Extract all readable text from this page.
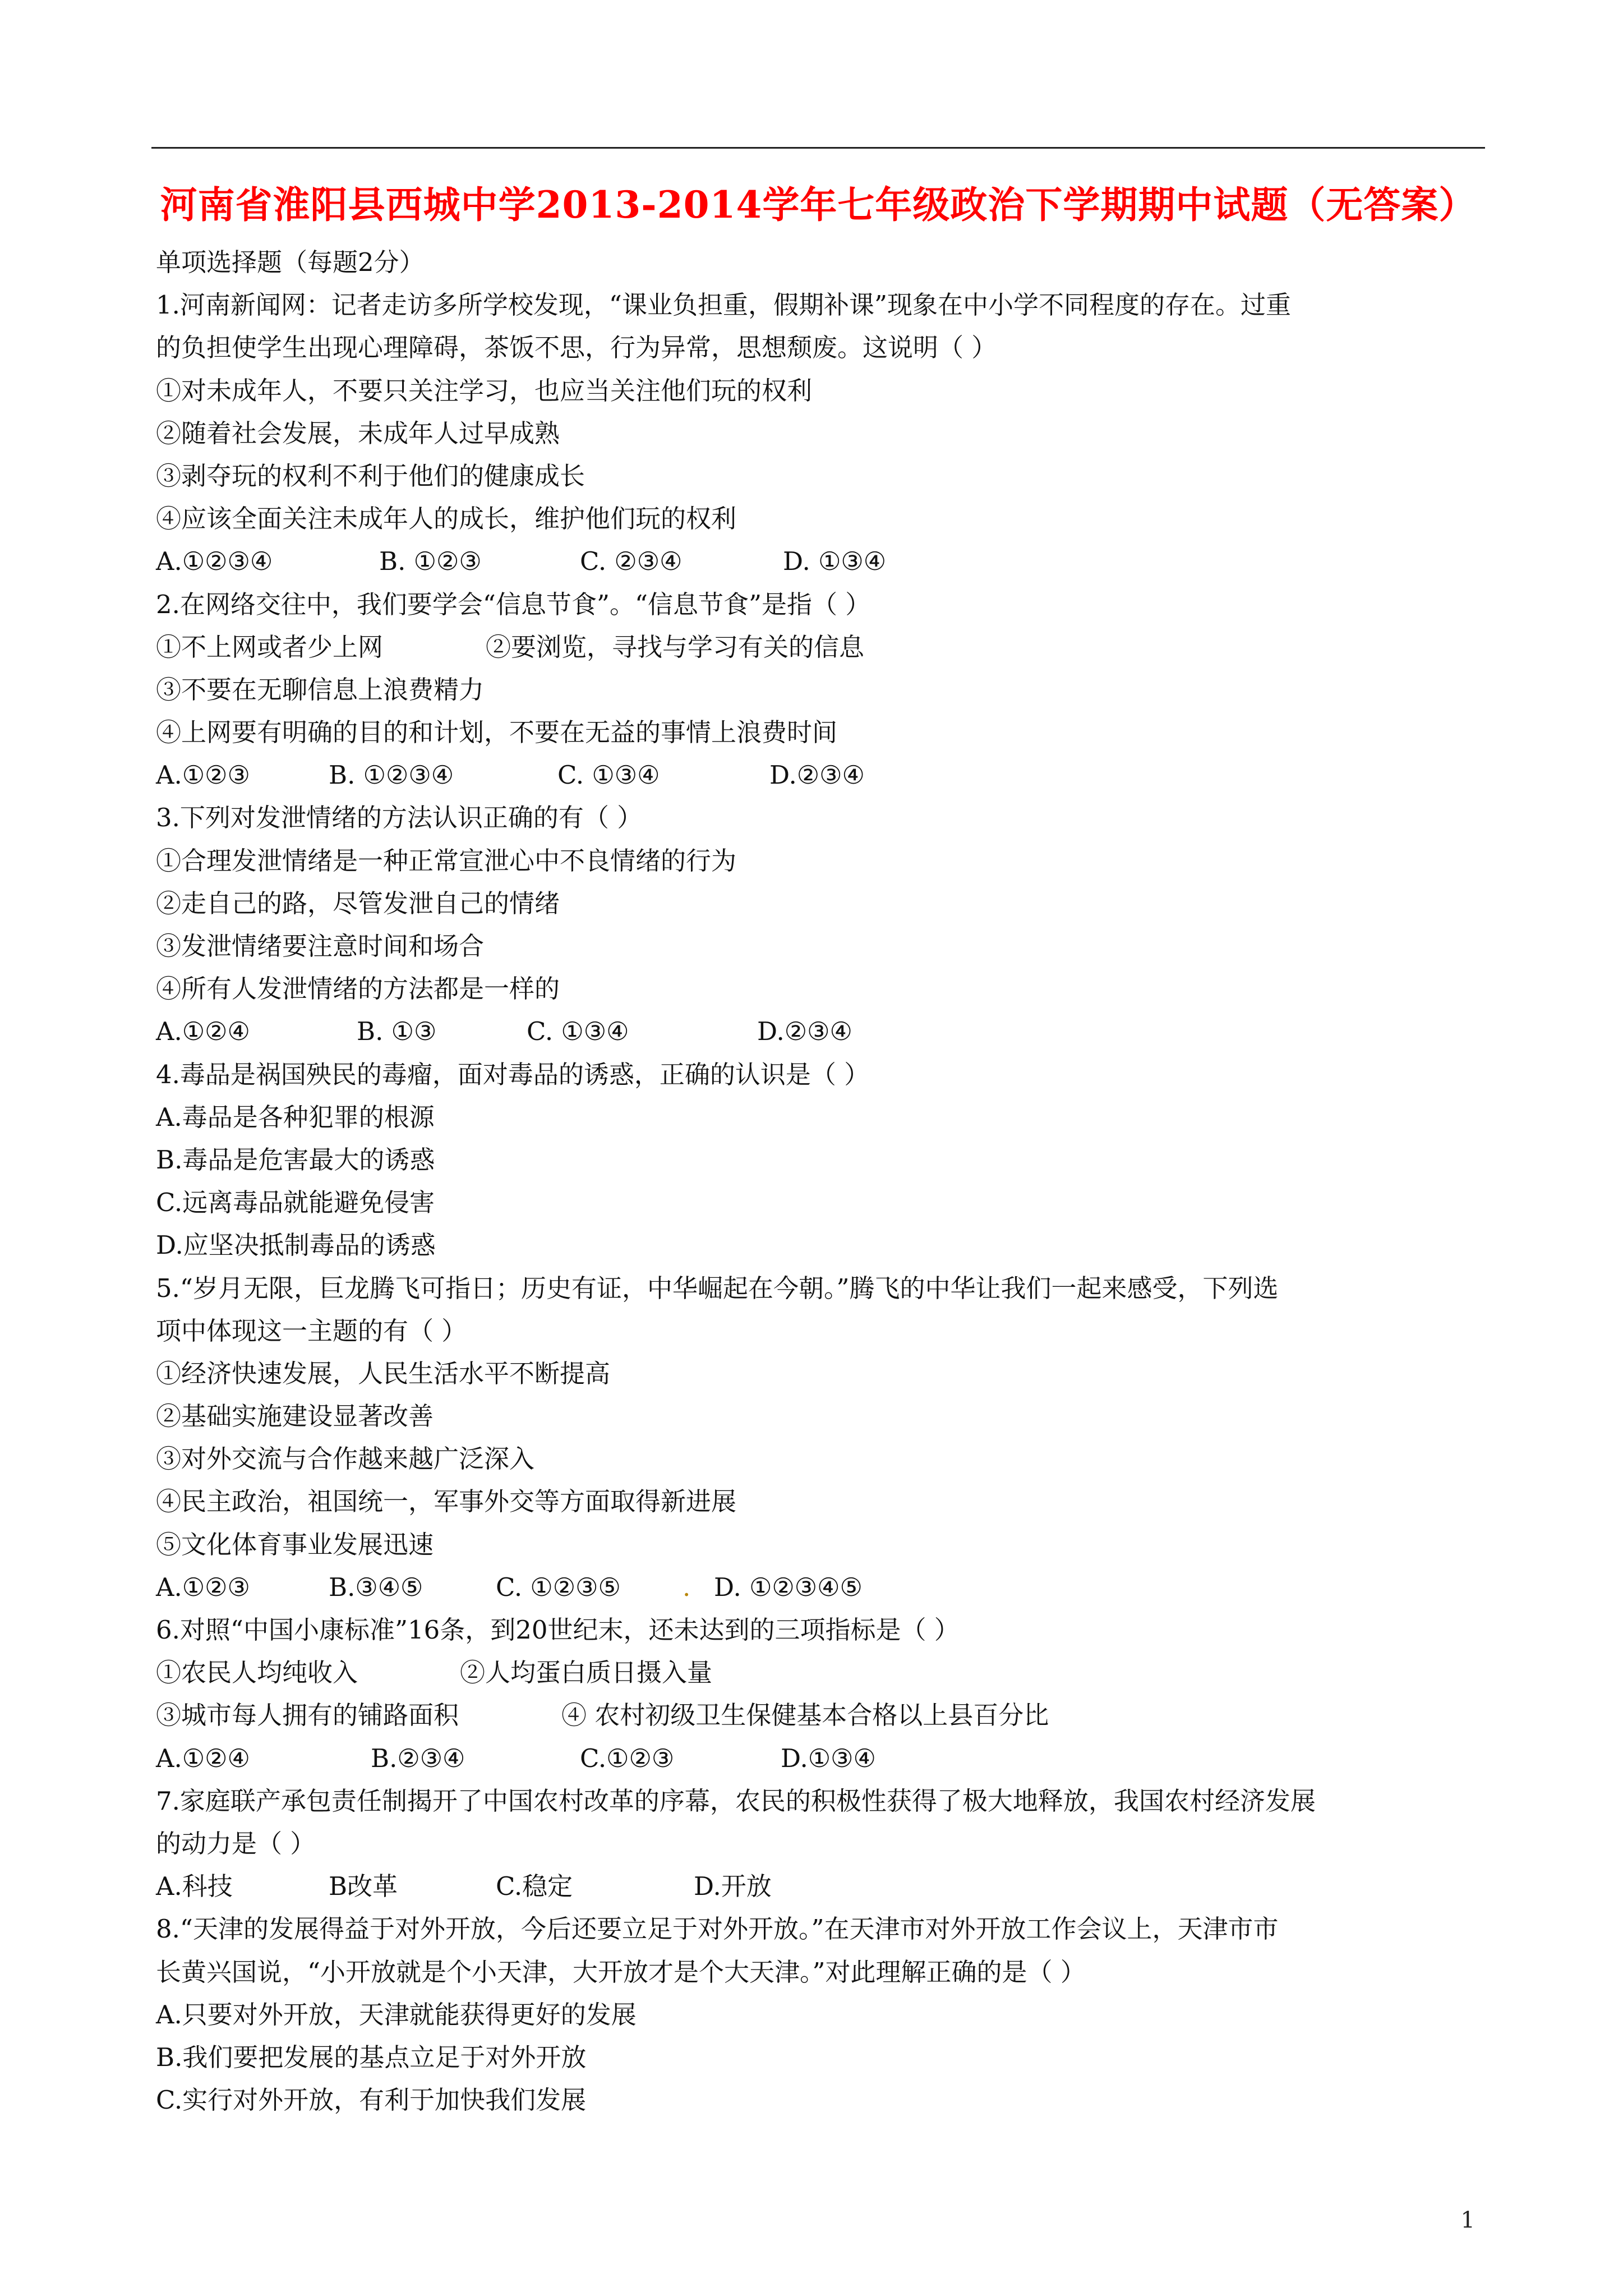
河南省淮阳县西城中学2013-2014学年七年级政治下学期期中试题（无答案）
单项选择题（每题2分）
1.河南新闻网：记者走访多所学校发现，“课业负担重，假期补课”现象在中小学不同程度的存在。过重
的负担使学生出现心理障碍，茶饭不思，行为异常，思想颓废。这说明（ ）
①对未成年人，不要只关注学习，也应当关注他们玩的权利
②随着社会发展，未成年人过早成熟
③剥夺玩的权利不利于他们的健康成长
④应该全面关注未成年人的成长，维护他们玩的权利
A.①②③④	B. ①②③	C. ②③④	D. ①③④
2.在网络交往中，我们要学会“信息节食”。“信息节食”是指（ ）
①不上网或者少上网	②要浏览，寻找与学习有关的信息
③不要在无聊信息上浪费精力
④上网要有明确的目的和计划，不要在无益的事情上浪费时间
A.①②③	B. ①②③④	C. ①③④	D.②③④
3.下列对发泄情绪的方法认识正确的有（ ）
①合理发泄情绪是一种正常宣泄心中不良情绪的行为
②走自己的路，尽管发泄自己的情绪
③发泄情绪要注意时间和场合
④所有人发泄情绪的方法都是一样的
A.①②④	B. ①③	C. ①③④	D.②③④
4.毒品是祸国殃民的毒瘤，面对毒品的诱惑，正确的认识是（ ）
A.毒品是各种犯罪的根源
B.毒品是危害最大的诱惑
C.远离毒品就能避免侵害
D.应坚决抵制毒品的诱惑
5.“岁月无限，巨龙腾飞可指日；历史有证，中华崛起在今朝。”腾飞的中华让我们一起来感受，下列选
项中体现这一主题的有（ ）
①经济快速发展，人民生活水平不断提高
②基础实施建设显著改善
③对外交流与合作越来越广泛深入
④民主政治，祖国统一，军事外交等方面取得新进展
⑤文化体育事业发展迅速
A.①②③	B.③④⑤	C. ①②③⑤	. D. ①②③④⑤
6.对照“中国小康标准”16条，到20世纪末，还未达到的三项指标是（ ）
①农民人均纯收入	②人均蛋白质日摄入量
③城市每人拥有的铺路面积	④ 农村初级卫生保健基本合格以上县百分比
A.①②④	B.②③④	C.①②③	D.①③④
7.家庭联产承包责任制揭开了中国农村改革的序幕，农民的积极性获得了极大地释放，我国农村经济发展
的动力是（ ）
A.科技	B改革	C.稳定	D.开放
8.“天津的发展得益于对外开放，今后还要立足于对外开放。”在天津市对外开放工作会议上，天津市市
长黄兴国说，“小开放就是个小天津，大开放才是个大天津。”对此理解正确的是（ ）
A.只要对外开放，天津就能获得更好的发展
B.我们要把发展的基点立足于对外开放
C.实行对外开放，有利于加快我们发展
1
